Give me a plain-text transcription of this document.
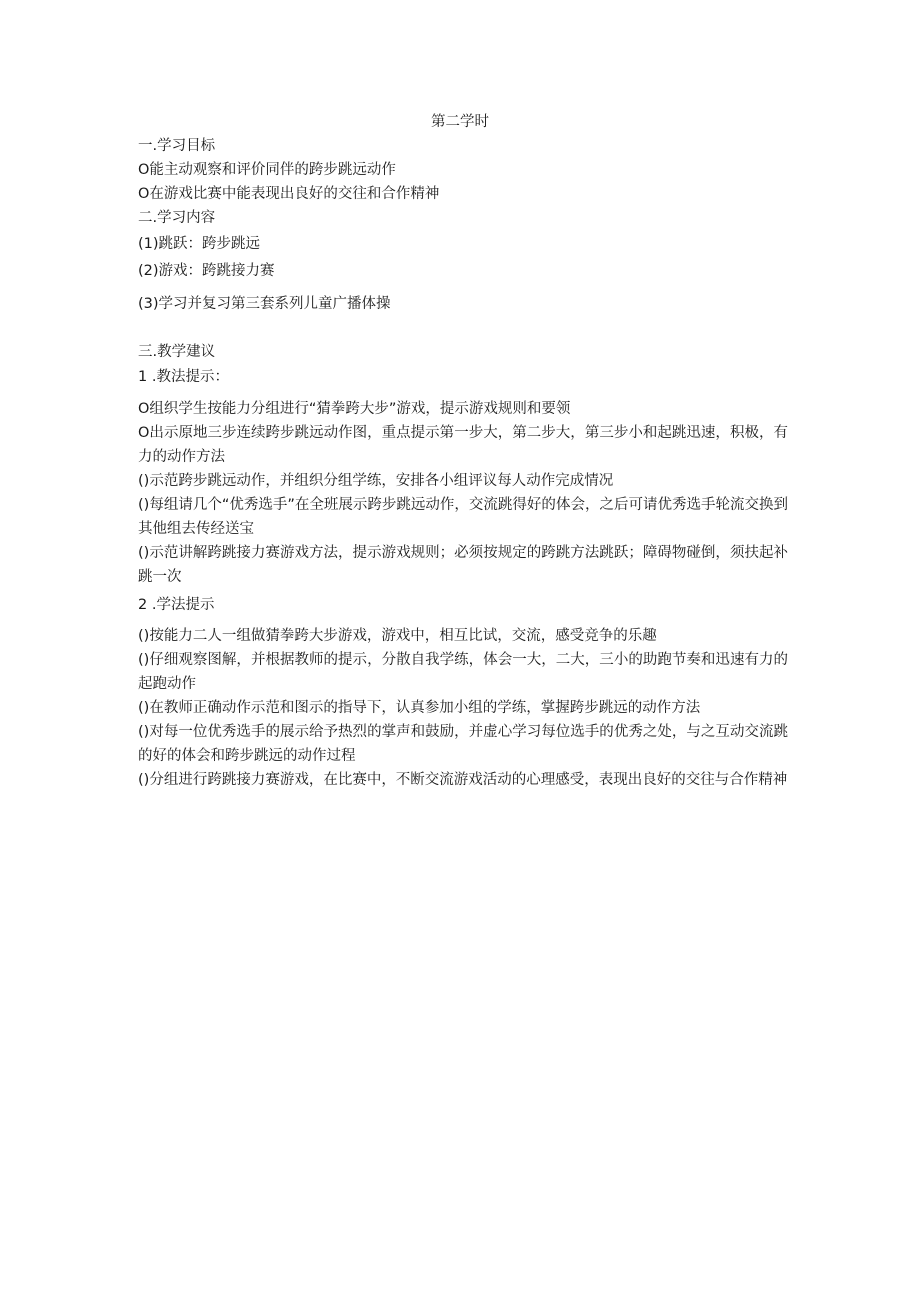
第二学时
一.学习目标
O能主动观察和评价同伴的跨步跳远动作
O在游戏比赛中能表现出良好的交往和合作精神
二.学习内容
(1)跳跃：跨步跳远
(2)游戏：跨跳接力赛
(3)学习并复习第三套系列儿童广播体操
三.教学建议
1 .教法提示：
O组织学生按能力分组进行“猜拳跨大步”游戏，提示游戏规则和要领
O出示原地三步连续跨步跳远动作图，重点提示第一步大，第二步大，第三步小和起跳迅速，积极，有力的动作方法
()示范跨步跳远动作，并组织分组学练，安排各小组评议每人动作完成情况
()每组请几个“优秀选手”在全班展示跨步跳远动作，交流跳得好的体会，之后可请优秀选手轮流交换到其他组去传经送宝
()示范讲解跨跳接力赛游戏方法，提示游戏规则；必须按规定的跨跳方法跳跃；障碍物碰倒，须扶起补跳一次
2 .学法提示
()按能力二人一组做猜拳跨大步游戏，游戏中，相互比试，交流，感受竞争的乐趣
()仔细观察图解，并根据教师的提示，分散自我学练，体会一大，二大，三小的助跑节奏和迅速有力的起跑动作
()在教师正确动作示范和图示的指导下，认真参加小组的学练，掌握跨步跳远的动作方法
()对每一位优秀选手的展示给予热烈的掌声和鼓励，并虚心学习每位选手的优秀之处，与之互动交流跳的好的体会和跨步跳远的动作过程
()分组进行跨跳接力赛游戏，在比赛中，不断交流游戏活动的心理感受，表现出良好的交往与合作精神
